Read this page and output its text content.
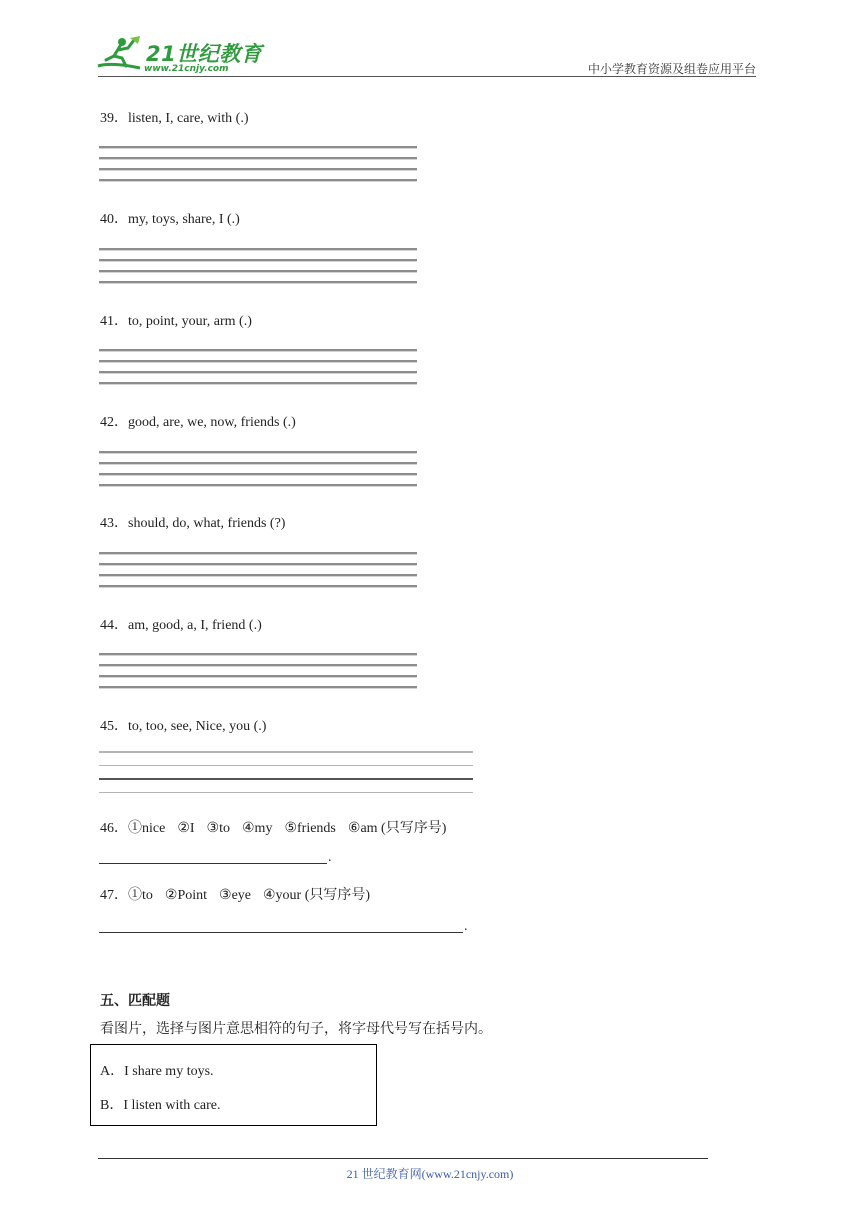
21世纪教育
www.21cnjy.com	中小学教育资源及组卷应用平台
39．listen, I, care, with (.)
40．my, toys, share, I (.)
41．to, point, your, arm (.)
42．good, are, we, now, friends (.)
43．should, do, what, friends (?)
44．am, good, a, I, friend (.)
45．to, too, see, Nice, you (.)
46．①nice ②I ③to ④my ⑤friends ⑥am (只写序号)
.
47．①to ②Point ③eye ④your (只写序号)
.
五、匹配题
看图片，选择与图片意思相符的句子，将字母代号写在括号内。
A．I share my toys.
B．I listen with care.
21 世纪教育网(www.21cnjy.com)
